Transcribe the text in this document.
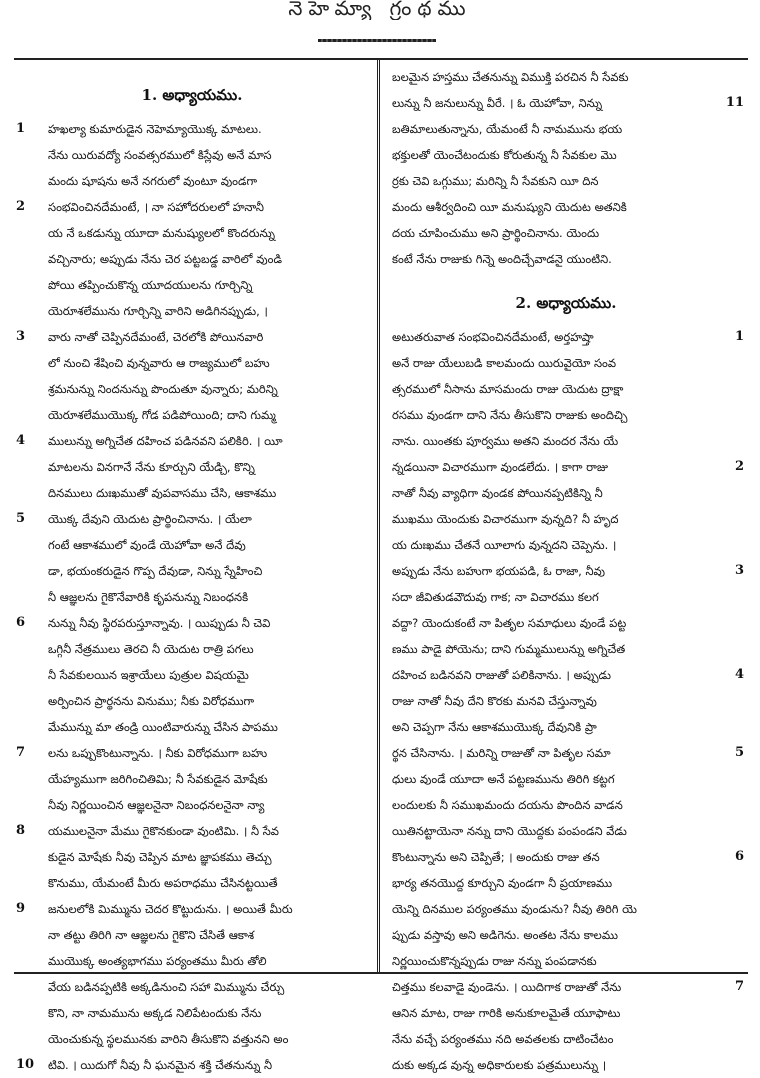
నెహెమ్యా గ్రంథము
1. అధ్యాయము.
1 హఖల్యా కుమారుడైన నెహెమ్యాయొక్క మాటలు.
నేను యిరువద్యో సంవత్సరములో కిస్లేవు అనే మాస
మందు షూషను అనే నగరులో వుంటూ వుండగా
2 సంభవించినదేమంటే, । నా సహోదరులలో హనానీ
య నే ఒకడున్ను యూదా మనుష్యులలో కొందరున్ను
వచ్చినారు; అప్పుడు నేను చెర పట్టబడ్డ వారిలో వుండి
పోయి తప్పించుకొన్న యూదయులను గూర్చిన్ని
యెరూశలేమును గూర్చిన్ని వారిని అడిగినప్పుడు, ।
3 వారు నాతో చెప్పినదేమంటే, చెరలోకి పోయినవారి
లో నుంచి శేషించి వున్నవారు ఆ రాజ్యములో బహు
శ్రమనున్ను నిందనున్ను పొందుతూ వున్నారు; మరిన్ని
యెరూశలేముయొక్క గోడ పడిపోయింది; దాని గుమ్మ
4 ములున్ను అగ్నిచేత దహించ పడినవని పలికిరి. । యీ
మాటలను వినగానే నేను కూర్చుని యేడ్చి, కొన్ని
దినములు దుఃఖముతో వుపవాసము చేసి, ఆకాశము
5 యొక్క దేవుని యెదుట ప్రార్థించినాను. । యేలా
గంటే ఆకాశములో వుండే యెహోవా అనే దేవు
డా, భయంకరుడైన గొప్ప దేవుడా, నిన్ను స్నేహించి
నీ ఆజ్ఞలను గైకొనేవారికి కృపనున్ను నిబంధనకి
6 నున్ను నీవు స్థిరపరుస్తూన్నావు. । యిప్పుడు నీ చెవి
ఒగ్గినీ నేత్రములు తెరచి నీ యెదుట రాత్రి పగలు
నీ సేవకులయిన ఇశ్రాయేలు పుత్రుల విషయమై
అర్పించిన ప్రార్థనను వినుము; నీకు విరోధముగా
మేమున్ను మా తండ్రి యింటివారున్ను చేసిన పాపము
7 లను ఒప్పుకొంటున్నాను. । నీకు విరోధముగా బహు
యేహ్యముగా జరిగించితిమి; నీ సేవకుడైన మోషేకు
నీవు నిర్ణయించిన ఆజ్ఞలనైనా నిబంధనలనైనా న్యా
8 యములనైనా మేము గైకొనకుండా వుంటిమి. । నీ సేవ
కుడైన మోషేకు నీవు చెప్పిన మాట జ్ఞాపకము తెచ్చు
కొనుము, యేమంటే మీరు అపరాధము చేసినట్టయితే
9 జనులలోకి మిమ్మును చెదర కొట్టుదును. । అయితే మీరు
నా తట్టు తిరిగి నా ఆజ్ఞలను గైకొని చేసితే ఆకాశ
ముయొక్క అంత్యభాగము పర్యంతము మీరు తోలి
వేయ బడినప్పటికి అక్కడినుంచి సహా మిమ్మును చేర్చు
కొని, నా నామమును అక్కడ నిలిపేటందుకు నేను
యెంచుకున్న స్థలమునకు వారిని తీసుకొని వత్తునని అం
10 టివి. । యిదుగో నీవు నీ ఘనమైన శక్తి చేతనున్ను నీ
బలమైన హస్తము చేతనున్ను విముక్తి పరచిన నీ సేవకు
11
లున్ను నీ జనులున్ను వీరే. । ఓ యెహోవా, నిన్ను
బతిమాలుతున్నాను, యేమంటే నీ నామమును భయ
భక్తులతో యెంచేటందుకు కోరుతున్న నీ సేవకుల మొ
ర్రకు చెవి ఒగ్గుము; మరిన్ని నీ సేవకుని యీ దిన
మందు ఆశీర్వదించి యీ మనుష్యుని యెదుట అతనికి
దయ చూపించుము అని ప్రార్థించినాను. యెందు
కంటే నేను రాజుకు గిన్నె అందిచ్చేవాడనై యుంటిని.
2. అధ్యాయము.
1
అటుతరువాత సంభవించినదేమంటే, అర్తహష్తా
అనే రాజు యేలుబడి కాలమందు యిరువైయో సంవ
త్సరములో నీసాను మాసమందు రాజు యెదుట ద్రాక్షా
రసము వుండగా దాని నేను తీసుకొని రాజుకు అందిచ్చి
నాను. యింతకు పూర్వము అతని మందర నేను యే
2
న్నడయినా విచారముగా వుండలేదు. । కాగా రాజు
నాతో నీవు వ్యాధిగా వుండక పోయినప్పటికిన్ని నీ
ముఖము యెందుకు విచారముగా వున్నది? నీ హృద
య దుఃఖము చేతనే యీలాగు వున్నదని చెప్పెను. ।
3
అప్పుడు నేను బహుగా భయపడి, ఓ రాజా, నీవు
సదా జీవితుడవౌదువు గాక; నా విచారము కలగ
వద్దా? యెందుకంటే నా పితృల సమాధులు వుండే పట్ట
ణము పాడై పోయెను; దాని గుమ్మములున్ను అగ్నిచేత
4
దహించ బడినవని రాజుతో పలికినాను. । అప్పుడు
రాజు నాతో నీవు దేని కొరకు మనవి చేస్తున్నావు
అని చెప్పగా నేను ఆకాశముయొక్క దేవునికి ప్రా
5
ర్థన చేసినాను. । మరిన్ని రాజుతో నా పితృల సమా
ధులు వుండే యూదా అనే పట్టణమును తిరిగి కట్టగ
లందులకు నీ సముఖమందు దయను పొందిన వాడన
యితినట్టాయెనా నన్ను దాని యొద్దకు పంపండని వేడు
6
కొంటున్నాను అని చెప్పితే; । అందుకు రాజు తన
భార్య తనయొద్ద కూర్చుని వుండగా నీ ప్రయాణము
యెన్ని దినముల పర్యంతము వుండును? నీవు తిరిగి యె
ప్పుడు వస్తావు అని అడిగెను. అంతట నేను కాలము
నిర్ణయించుకొన్నప్పుడు రాజు నన్ను పంపడానకు
7
చిత్తము కలవాడై వుండెను. । యిదిగాక రాజుతో నేను
ఆనిన మాట, రాజు గారికి అనుకూలమైతే యూఫాటు
నేను వచ్చే పర్యంతము నది అవతలకు దాటించేటం
దుకు అక్కడ వున్న అధికారులకు పత్రములున్ను ।
